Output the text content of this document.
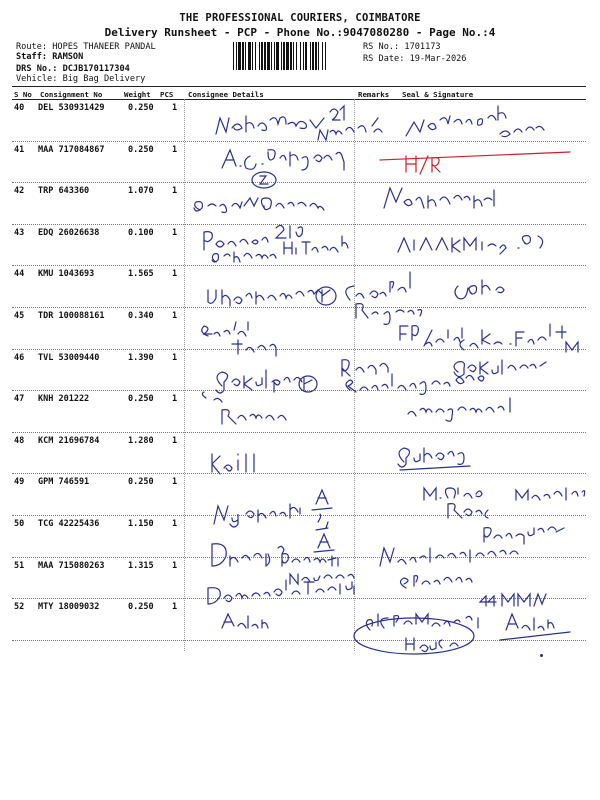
THE PROFESSIONAL COURIERS, COIMBATORE
Delivery Runsheet - PCP - Phone No.:9047080280 - Page No.:4
Route: HOPES THANEER PANDAL
Staff: RAMSON
DRS No.: DCJB170117304
Vehicle: Big Bag Delivery
RS No.: 1701173
RS Date: 19-Mar-2026
S No Consignment No	Weight PCS Consignee Details	Remarks Seal & Signature
40 DEL 530931429	0.250 1
41 MAA 717084867	0.250 1
42 TRP 643360	1.070 1
43 EDQ 26026638	0.100 1
44 KMU 1043693	1.565 1
45 TDR 100088161	0.340 1
46 TVL 53009440	1.390 1
47 KNH 201222	0.250 1
48 KCM 21696784	1.280 1
49 GPM 746591	0.250 1
50 TCG 42225436	1.150 1
51 MAA 715080263	1.315 1
52 MTY 18009032	0.250 1
